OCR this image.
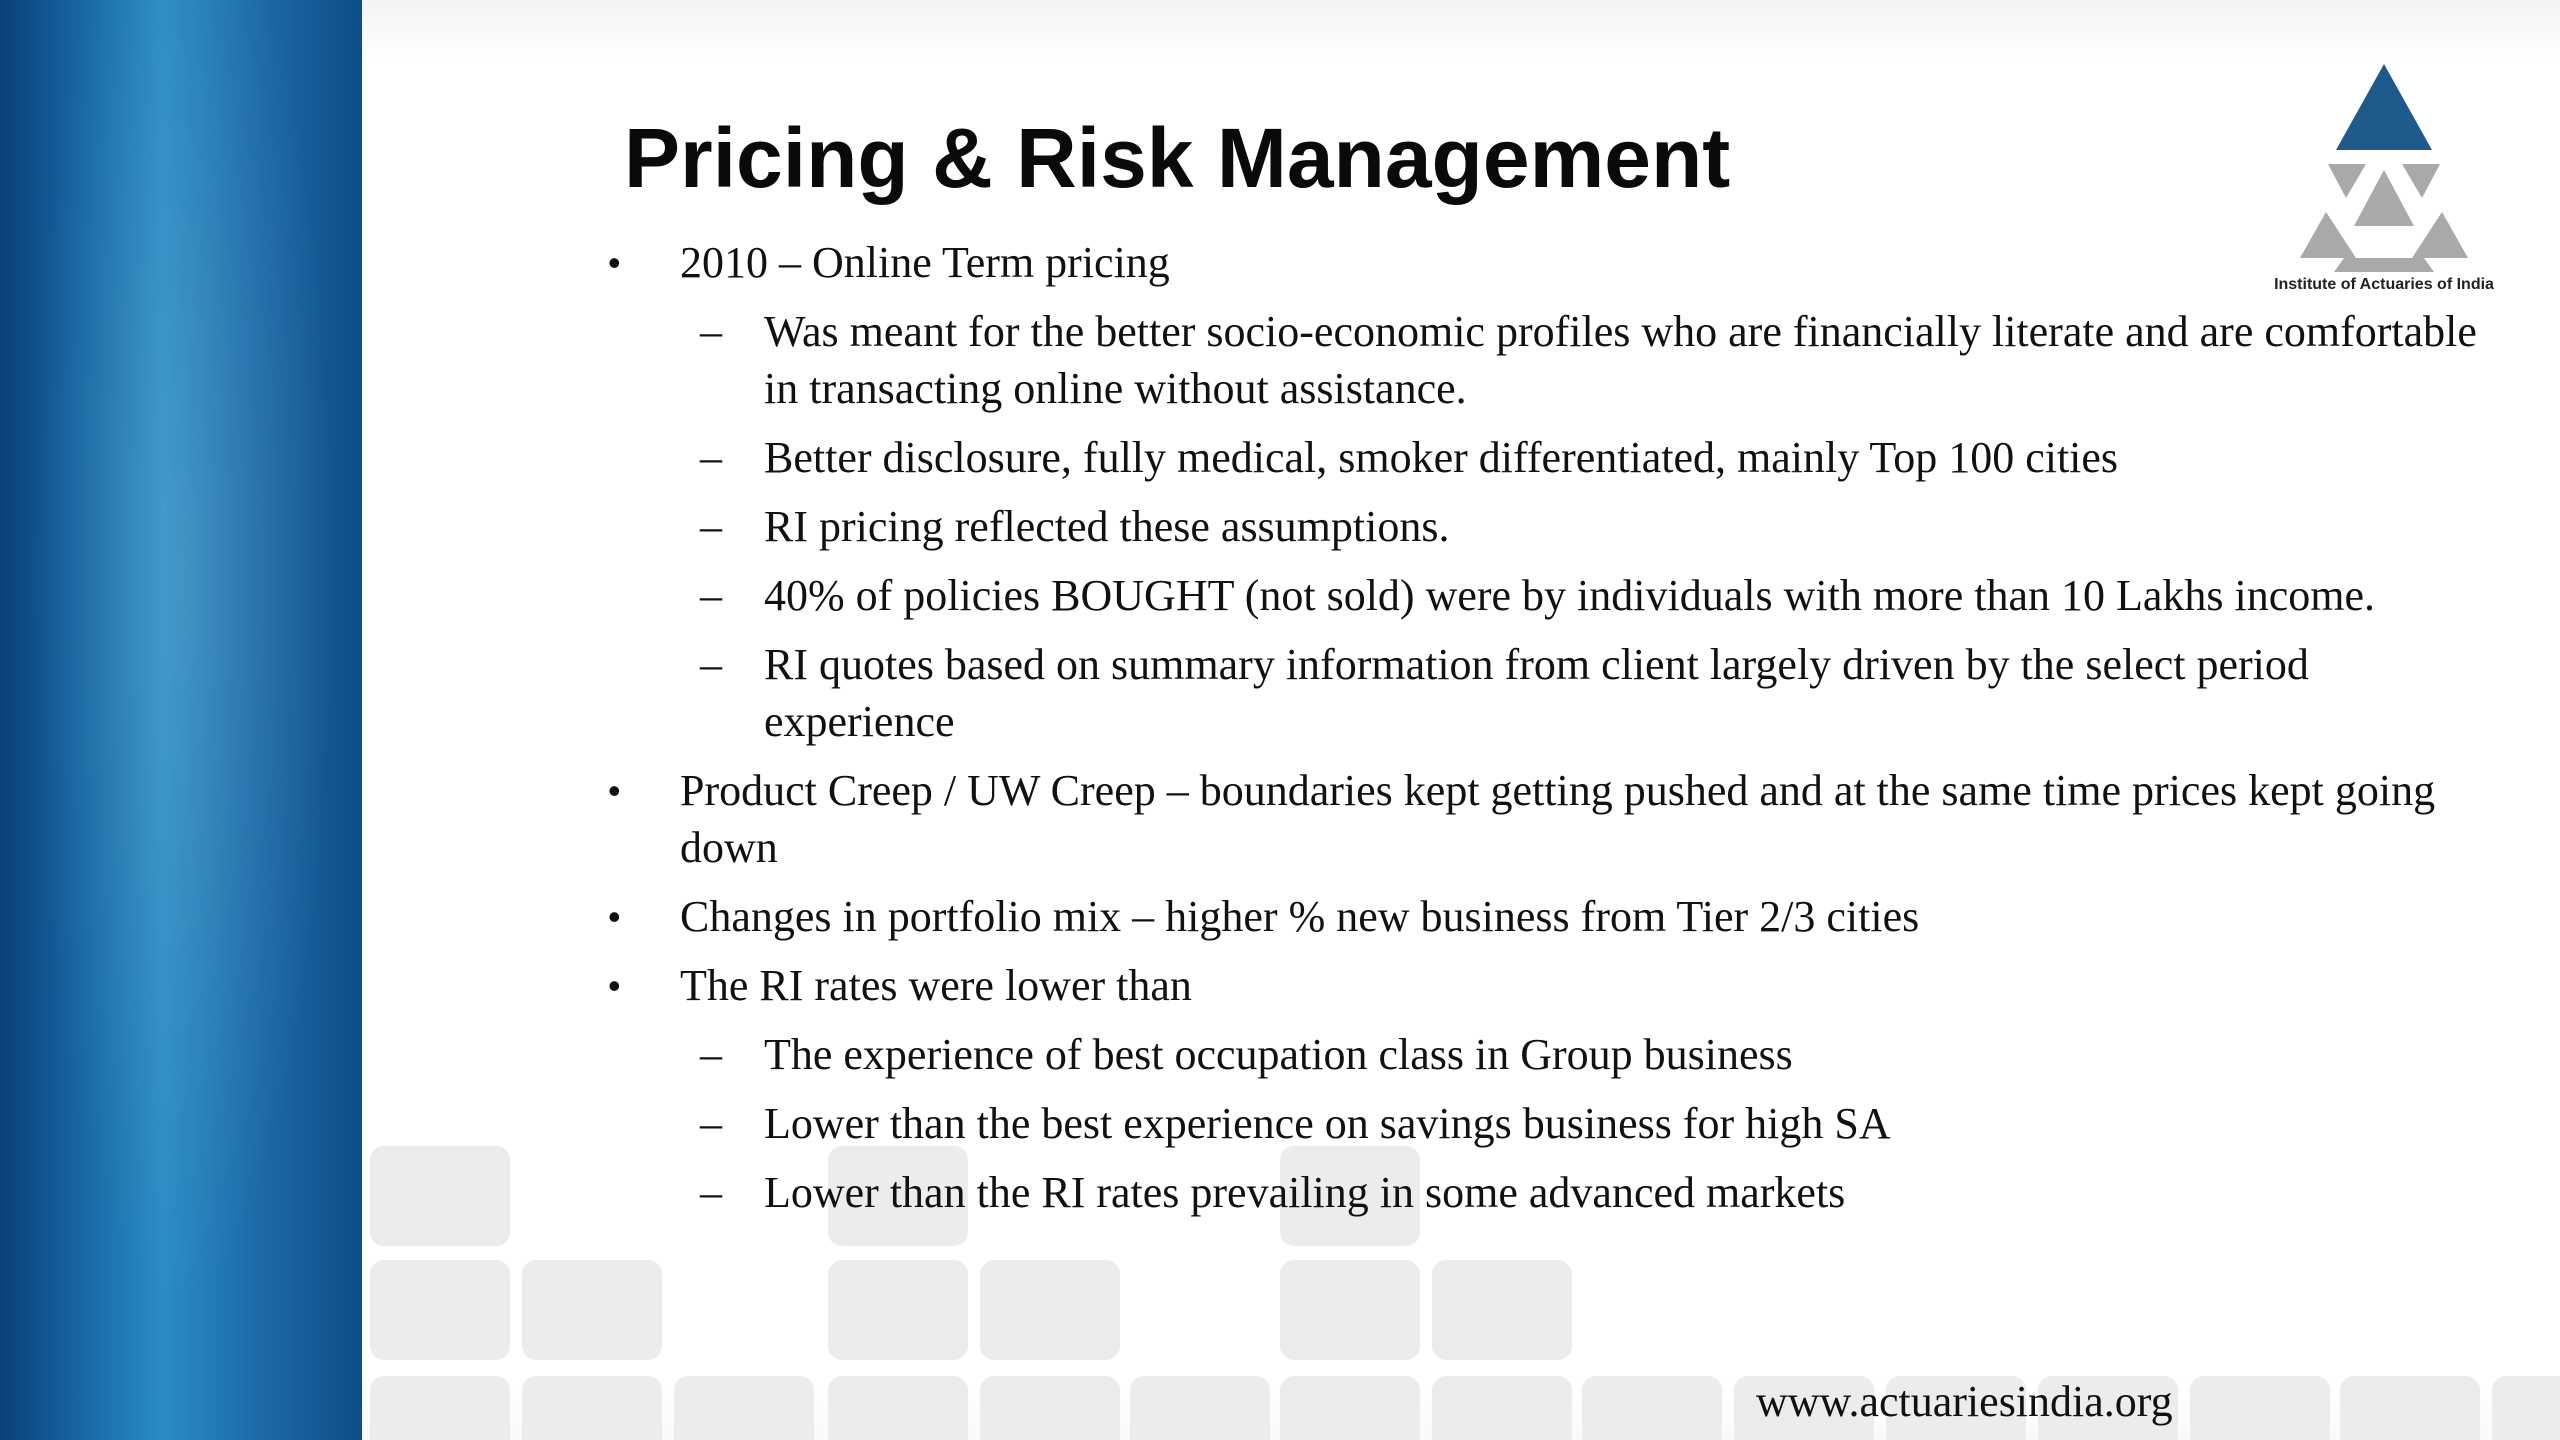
Pricing & Risk Management
Institute of Actuaries of India
• 2010 – Online Term pricing
– Was meant for the better socio-economic profiles who are financially literate and are comfortable in transacting online without assistance.
– Better disclosure, fully medical, smoker differentiated, mainly Top 100 cities
– RI pricing reflected these assumptions.
– 40% of policies BOUGHT (not sold) were by individuals with more than 10 Lakhs income.
– RI quotes based on summary information from client largely driven by the select period experience
• Product Creep / UW Creep – boundaries kept getting pushed and at the same time prices kept going down
• Changes in portfolio mix – higher % new business from Tier 2/3 cities
• The RI rates were lower than
– The experience of best occupation class in Group business
– Lower than the best experience on savings business for high SA
– Lower than the RI rates prevailing in some advanced markets
www.actuariesindia.org
